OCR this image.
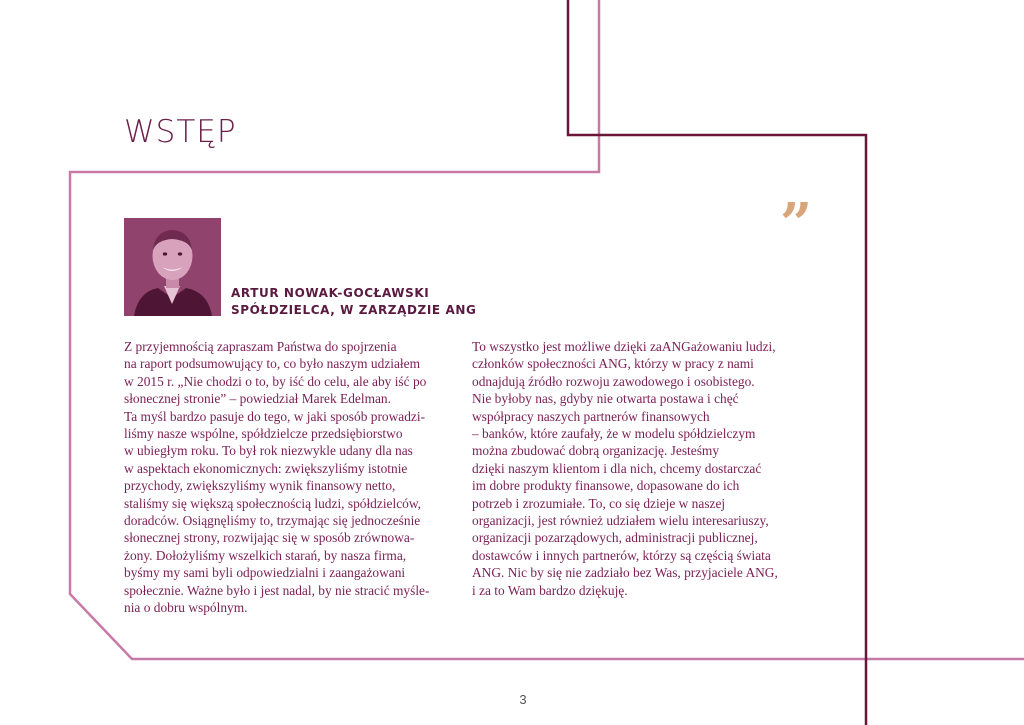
WSTĘP
ARTUR NOWAK-GOCŁAWSKI
SPÓŁDZIELCA, W ZARZĄDZIE ANG
”
Z przyjemnością zapraszam Państwa do spojrzenia
na raport podsumowujący to, co było naszym udziałem
w 2015 r. „Nie chodzi o to, by iść do celu, ale aby iść po
słonecznej stronie” – powiedział Marek Edelman.
Ta myśl bardzo pasuje do tego, w jaki sposób prowadzi-
liśmy nasze wspólne, spółdzielcze przedsiębiorstwo
w ubiegłym roku. To był rok niezwykle udany dla nas
w aspektach ekonomicznych: zwiększyliśmy istotnie
przychody, zwiększyliśmy wynik finansowy netto,
staliśmy się większą społecznością ludzi, spółdzielców,
doradców. Osiągnęliśmy to, trzymając się jednocześnie
słonecznej strony, rozwijając się w sposób zrównowa-
żony. Dołożyliśmy wszelkich starań, by nasza firma,
byśmy my sami byli odpowiedzialni i zaangażowani
społecznie. Ważne było i jest nadal, by nie stracić myśle-
nia o dobru wspólnym.
To wszystko jest możliwe dzięki zaANGażowaniu ludzi,
członków społeczności ANG, którzy w pracy z nami
odnajdują źródło rozwoju zawodowego i osobistego.
Nie byłoby nas, gdyby nie otwarta postawa i chęć
współpracy naszych partnerów finansowych
– banków, które zaufały, że w modelu spółdzielczym
można zbudować dobrą organizację. Jesteśmy
dzięki naszym klientom i dla nich, chcemy dostarczać
im dobre produkty finansowe, dopasowane do ich
potrzeb i zrozumiałe. To, co się dzieje w naszej
organizacji, jest również udziałem wielu interesariuszy,
organizacji pozarządowych, administracji publicznej,
dostawców i innych partnerów, którzy są częścią świata
ANG. Nic by się nie zadziało bez Was, przyjaciele ANG,
i za to Wam bardzo dziękuję.
3
